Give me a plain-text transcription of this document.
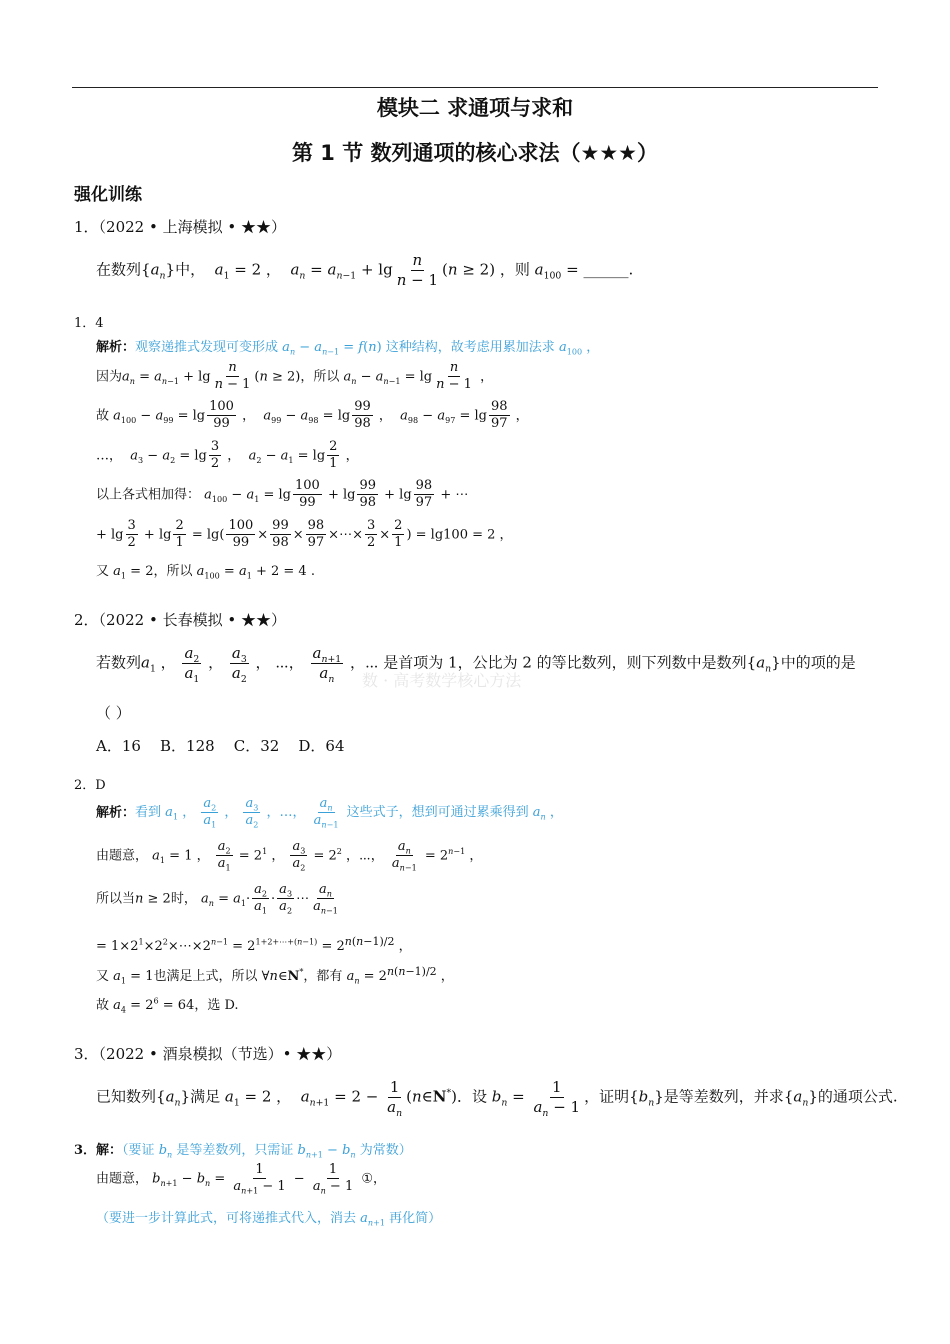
模块二 求通项与求和
第 1 节 数列通项的核心求法（★★★）
强化训练
1．（2022 • 上海模拟 • ★★）
在数列$\{a_n\}$中， $a_1 = 2$ ，  $a_n = a_{n-1} + \lg \frac{n}{n - 1} (n \ge 2)$ ，则 $a_{100}$ = ______.
1．4
解析：观察递推式发现可变形成 $a_n - a_{n-1} = f(n)$ 这种结构，故考虑用累加法求 $a_{100}$ ，
因为$a_n = a_{n-1} + \lg \frac{n}{n - 1} (n \ge 2)$，所以 $a_n - a_{n-1} = \lg \frac{n}{n - 1}$ ，
故 $a_{100} - a_{99} = \lg \frac{100}{99}$ ，  $a_{99} - a_{98} = \lg \frac{99}{98}$ ，  $a_{98} - a_{97} = \lg \frac{98}{97}$ ，
…， $a_3 - a_2 = \lg \frac{3}{2}$ ，  $a_2 - a_1 = \lg \frac{2}{1}$ ，
以上各式相加得： $a_{100} - a_1 = \lg \frac{100}{99} + \lg \frac{99}{98} + \lg \frac{98}{97}$ + ⋯
+ $\lg \frac{3}{2} + \lg \frac{2}{1} = \lg( \frac{100}{99} \times \frac{99}{98} \times \frac{98}{97}$ ×⋯× $\frac{3}{2} \times \frac{2}{1}$ ) = lg100 = 2 ，
又 $a_1 = 2$，所以 $a_{100} = a_1 + 2 = 4$ .
2．（2022 • 长春模拟 • ★★）
数 · 高考数学核心方法
若数列$a_1$ ， $\frac{a_2}{a_1}$ ， $\frac{a_3}{a_2}$ ， ⋯， $\frac{a_{n+1}}{a_n}$ ，⋯ 是首项为 1，公比为 2 的等比数列，则下列数中是数列$\{a_n\}$中的项的是
（ ）
A．16 B．128 C．32 D．64
2．D
解析：看到 $a_1$ ， $\frac{a_2}{a_1}$ ， $\frac{a_3}{a_2}$ ，…， $\frac{a_n}{a_{n-1}}$ 这些式子，想到可通过累乘得到 $a_n$ ，
由题意， $a_1 = 1$ ， $\frac{a_2}{a_1} = 2^1$ ， $\frac{a_3}{a_2} = 2^2$ ，⋯， $\frac{a_n}{a_{n-1}} = 2^{n-1}$ ，
所以当n ≥ 2时， $a_n = a_1\cdot \frac{a_2}{a_1} \cdot \frac{a_3}{a_2}$ ⋯ $\frac{a_n}{a_{n-1}}$
= $1\times 2^1\times 2^2\times\cdots\times 2^{n-1} = 2^{1+2+\cdots+(n-1)} = 2^{n(n-1)/2}$ ，
又 $a_1 = 1$也满足上式，所以 ∀n∈N*，都有 $a_n = 2^{n(n-1)/2}$ ，
故 $a_4 = 2^6 = 64$，选 D.
3．（2022 • 酒泉模拟（节选）• ★★）
已知数列$\{a_n\}$满足 $a_1 = 2$ ，  $a_{n+1} = 2 - \frac{1}{a_n}$ (n∈N*)．设 $b_n = \frac{1}{a_n - 1}$ ，证明$\{b_n\}$是等差数列，并求$\{a_n\}$的通项公式.
3．解：（要证 $b_n$ 是等差数列，只需证 $b_{n+1} - b_n$ 为常数）
由题意， $b_{n+1} - b_n = \frac{1}{a_{n+1} - 1} - \frac{1}{a_n - 1}$ ①，
（要进一步计算此式，可将递推式代入，消去 $a_{n+1}$ 再化简）
